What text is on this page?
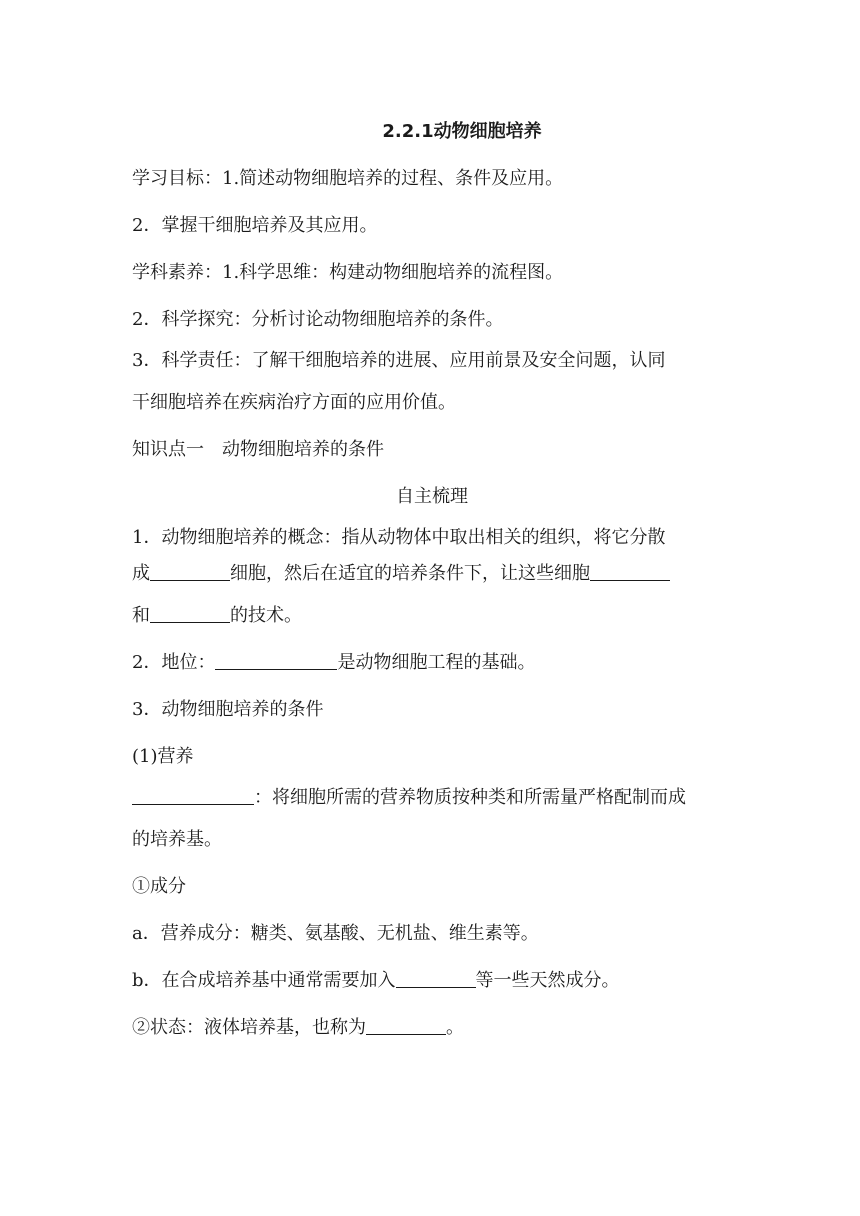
2.2.1动物细胞培养
学习目标：1.简述动物细胞培养的过程、条件及应用。
2．掌握干细胞培养及其应用。
学科素养：1.科学思维：构建动物细胞培养的流程图。
2．科学探究：分析讨论动物细胞培养的条件。
3．科学责任：了解干细胞培养的进展、应用前景及安全问题，认同
干细胞培养在疾病治疗方面的应用价值。
知识点一　动物细胞培养的条件
自主梳理
1．动物细胞培养的概念：指从动物体中取出相关的组织，将它分散
成	细胞，然后在适宜的培养条件下，让这些细胞
和	的技术。
2．地位：	是动物细胞工程的基础。
3．动物细胞培养的条件
(1)营养
：将细胞所需的营养物质按种类和所需量严格配制而成
的培养基。
①成分
a．营养成分：糖类、氨基酸、无机盐、维生素等。
b．在合成培养基中通常需要加入	等一些天然成分。
②状态：液体培养基，也称为	。
